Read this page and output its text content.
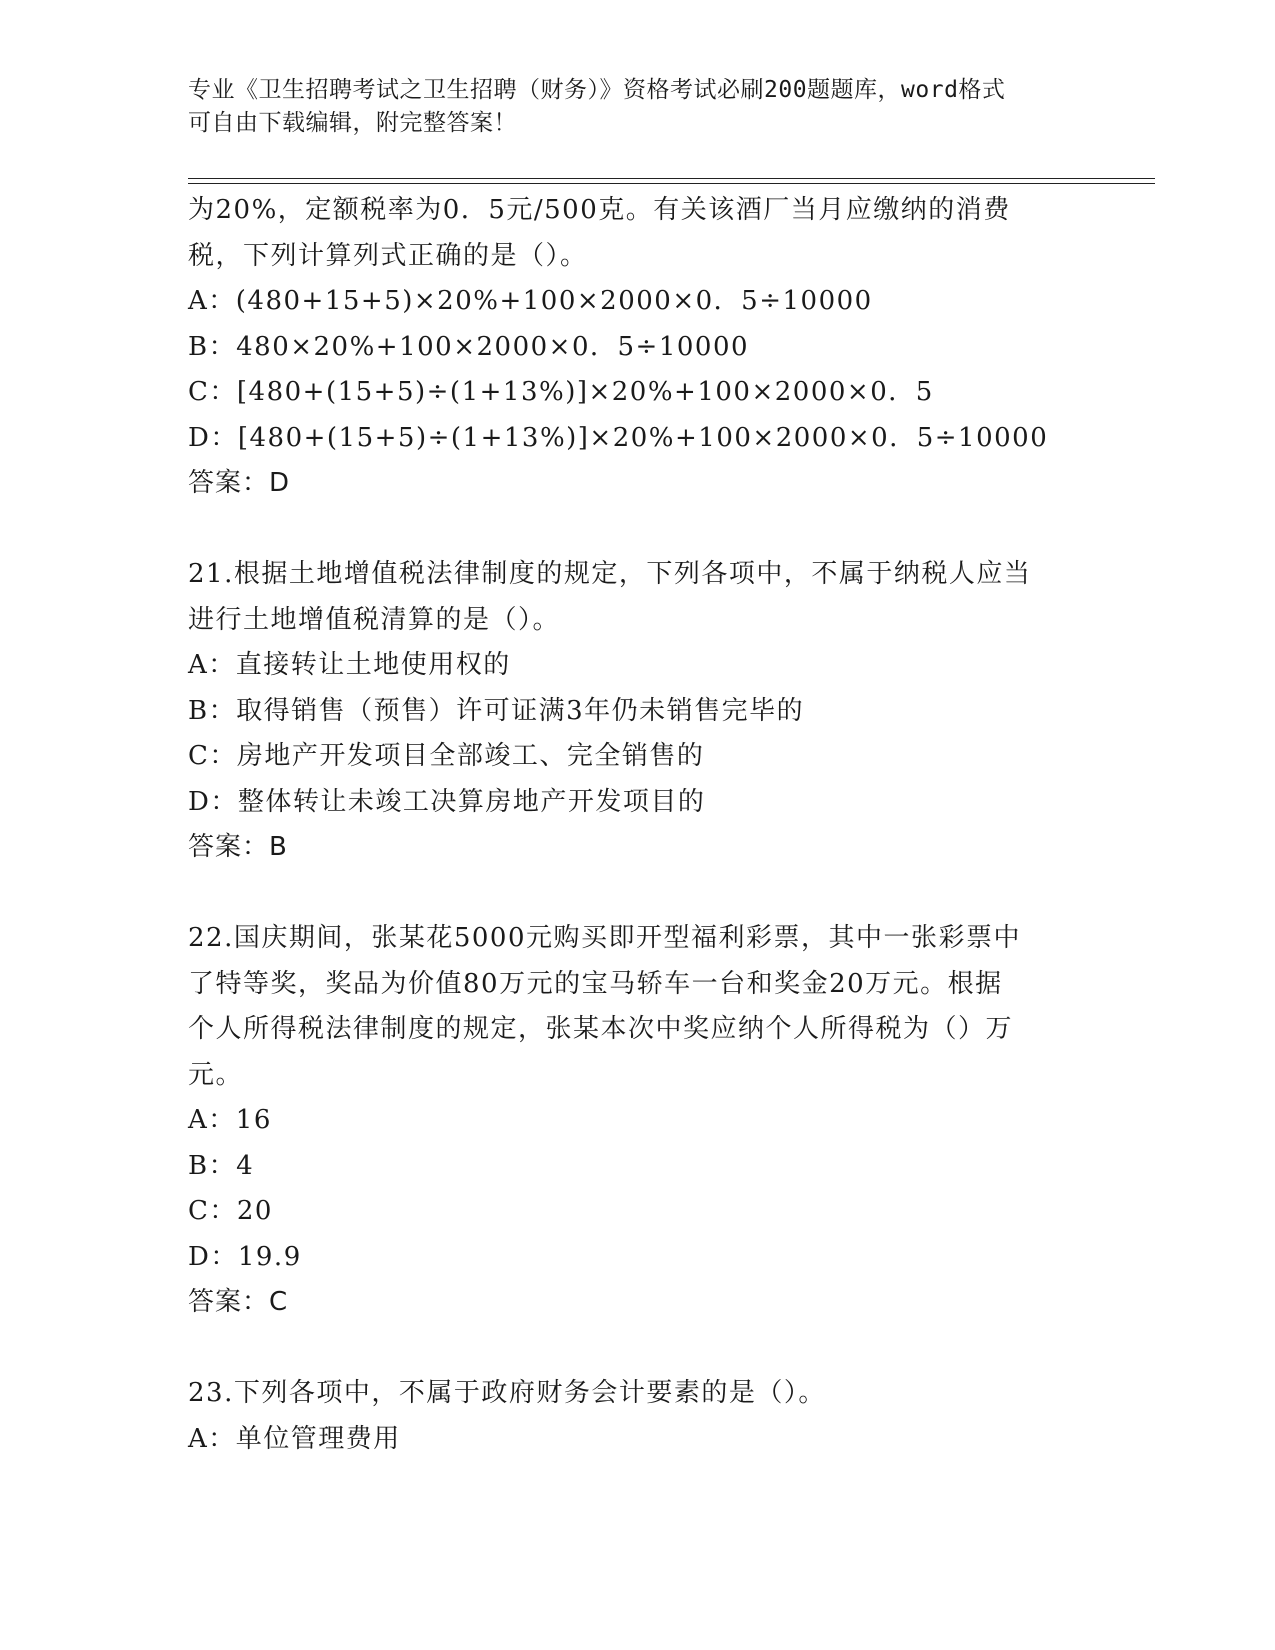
专业《卫生招聘考试之卫生招聘（财务）》资格考试必刷200题题库，word格式
可自由下载编辑，附完整答案！
为20%，定额税率为0．5元/500克。有关该酒厂当月应缴纳的消费
税，下列计算列式正确的是（）。
A：(480+15+5)×20%+100×2000×0．5÷10000
B：480×20%+100×2000×0．5÷10000
C：[480+(15+5)÷(1+13%)]×20%+100×2000×0．5
D：[480+(15+5)÷(1+13%)]×20%+100×2000×0．5÷10000
答案：D
21.根据土地增值税法律制度的规定，下列各项中，不属于纳税人应当
进行土地增值税清算的是（）。
A：直接转让土地使用权的
B：取得销售（预售）许可证满3年仍未销售完毕的
C：房地产开发项目全部竣工、完全销售的
D：整体转让未竣工决算房地产开发项目的
答案：B
22.国庆期间，张某花5000元购买即开型福利彩票，其中一张彩票中
了特等奖，奖品为价值80万元的宝马轿车一台和奖金20万元。根据
个人所得税法律制度的规定，张某本次中奖应纳个人所得税为（）万
元。
A：16
B：4
C：20
D：19.9
答案：C
23.下列各项中，不属于政府财务会计要素的是（）。
A：单位管理费用
